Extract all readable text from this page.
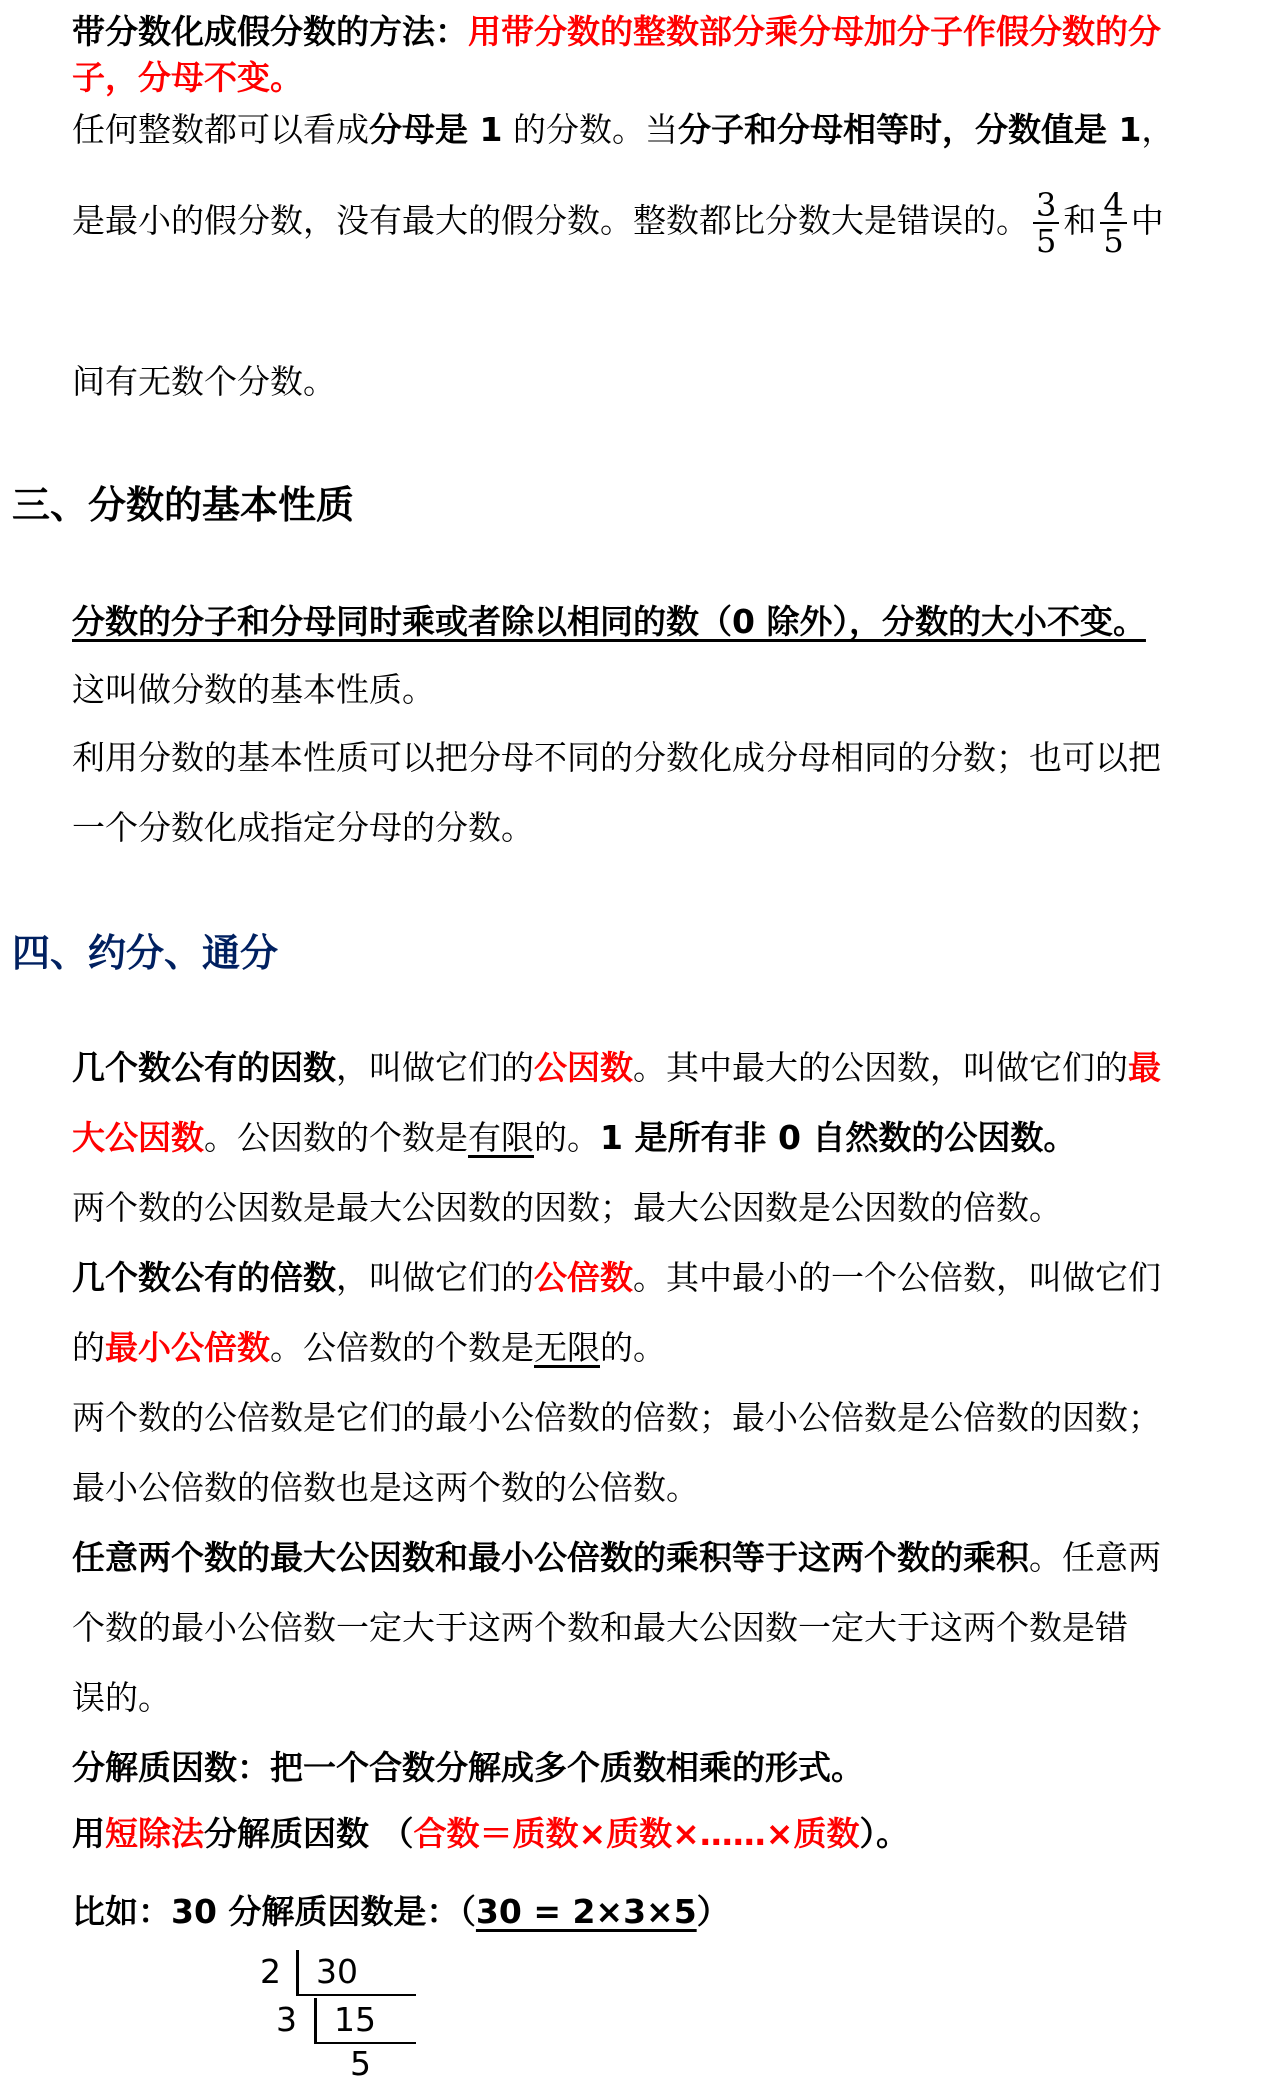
带分数化成假分数的方法：用带分数的整数部分乘分母加分子作假分数的分
子，分母不变。
任何整数都可以看成分母是 1 的分数。当分子和分母相等时，分数值是 1，
是最小的假分数，没有最大的假分数。整数都比分数大是错误的。 $\frac{3}{5}$ 和 $\frac{4}{5}$ 中
间有无数个分数。
三、分数的基本性质
分数的分子和分母同时乘或者除以相同的数（0 除外），分数的大小不变。
这叫做分数的基本性质。
利用分数的基本性质可以把分母不同的分数化成分母相同的分数；也可以把
一个分数化成指定分母的分数。
四、约分、通分
几个数公有的因数，叫做它们的公因数。其中最大的公因数，叫做它们的最
大公因数。公因数的个数是有限的。1 是所有非 0 自然数的公因数。
两个数的公因数是最大公因数的因数；最大公因数是公因数的倍数。
几个数公有的倍数，叫做它们的公倍数。其中最小的一个公倍数，叫做它们
的最小公倍数。公倍数的个数是无限的。
两个数的公倍数是它们的最小公倍数的倍数；最小公倍数是公倍数的因数；
最小公倍数的倍数也是这两个数的公倍数。
任意两个数的最大公因数和最小公倍数的乘积等于这两个数的乘积。任意两
个数的最小公倍数一定大于这两个数和最大公因数一定大于这两个数是错
误的。
分解质因数：把一个合数分解成多个质数相乘的形式。
用短除法分解质因数 （合数＝质数×质数×……×质数）。
比如：30 分解质因数是：（30 = 2×3×5）
2 30
3 15
5
